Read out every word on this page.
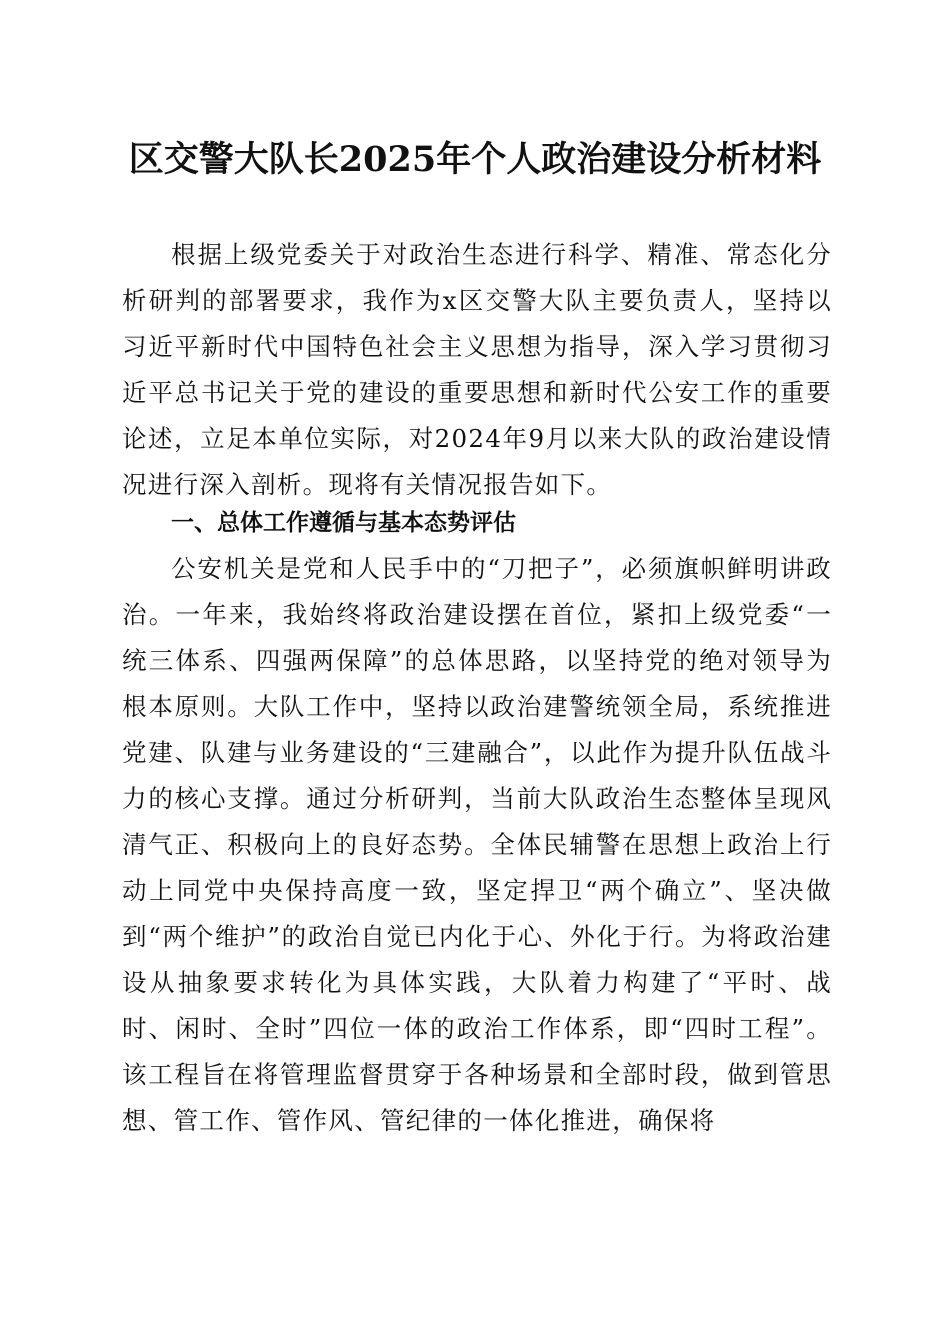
区交警大队长2025年个人政治建设分析材料

根据上级党委关于对政治生态进行科学、精准、常态化分析研判的部署要求，我作为x区交警大队主要负责人，坚持以习近平新时代中国特色社会主义思想为指导，深入学习贯彻习近平总书记关于党的建设的重要思想和新时代公安工作的重要论述，立足本单位实际，对2024年9月以来大队的政治建设情况进行深入剖析。现将有关情况报告如下。

一、总体工作遵循与基本态势评估

公安机关是党和人民手中的“刀把子”，必须旗帜鲜明讲政治。一年来，我始终将政治建设摆在首位，紧扣上级党委“一统三体系、四强两保障”的总体思路，以坚持党的绝对领导为根本原则。大队工作中，坚持以政治建警统领全局，系统推进党建、队建与业务建设的“三建融合”，以此作为提升队伍战斗力的核心支撑。通过分析研判，当前大队政治生态整体呈现风清气正、积极向上的良好态势。全体民辅警在思想上政治上行动上同党中央保持高度一致，坚定捍卫“两个确立”、坚决做到“两个维护”的政治自觉已内化于心、外化于行。为将政治建设从抽象要求转化为具体实践，大队着力构建了“平时、战时、闲时、全时”四位一体的政治工作体系，即“四时工程”。该工程旨在将管理监督贯穿于各种场景和全部时段，做到管思想、管工作、管作风、管纪律的一体化推进，确保将
